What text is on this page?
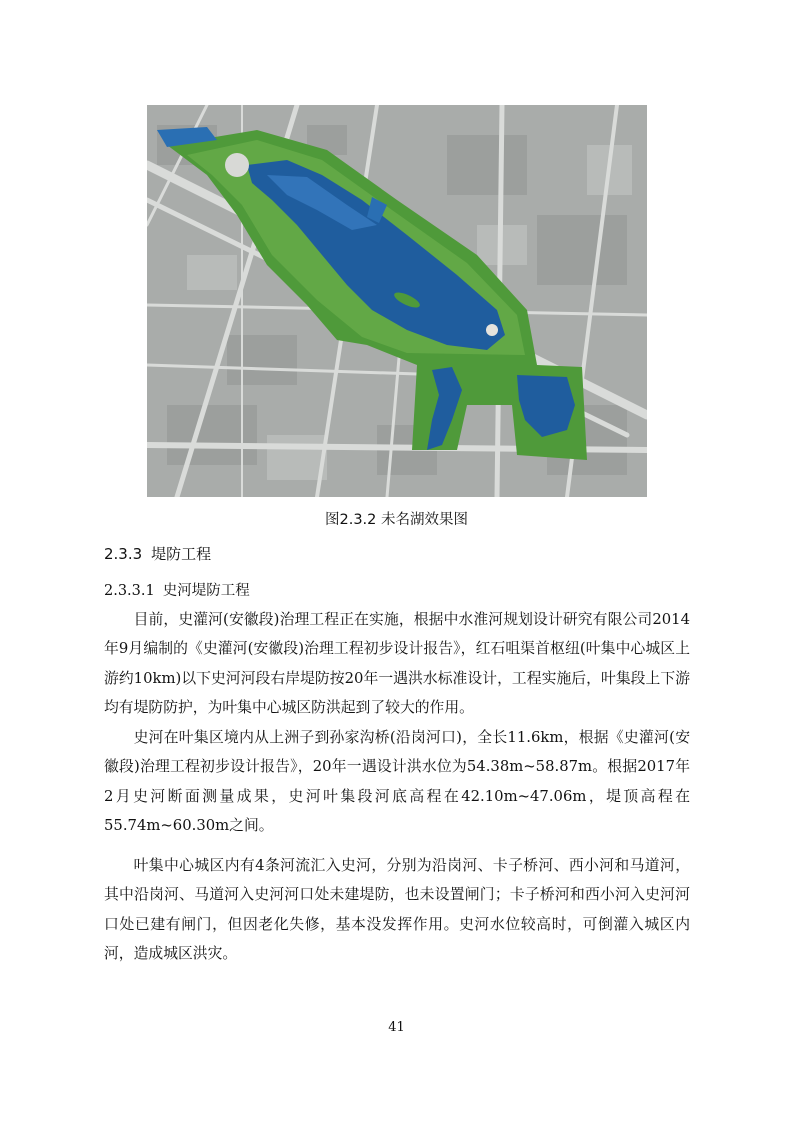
图2.3.2 未名湖效果图
2.3.3 堤防工程
2.3.3.1 史河堤防工程

目前，史灌河(安徽段)治理工程正在实施，根据中水淮河规划设计研究有限公司2014年9月编制的《史灌河(安徽段)治理工程初步设计报告》，红石咀渠首枢纽(叶集中心城区上游约10km)以下史河河段右岸堤防按20年一遇洪水标准设计，工程实施后，叶集段上下游均有堤防防护，为叶集中心城区防洪起到了较大的作用。

史河在叶集区境内从上洲子到孙家沟桥(沿岗河口)，全长11.6km，根据《史灌河(安徽段)治理工程初步设计报告》，20年一遇设计洪水位为54.38m~58.87m。根据2017年2月史河断面测量成果，史河叶集段河底高程在42.10m~47.06m，堤顶高程在55.74m~60.30m之间。

叶集中心城区内有4条河流汇入史河，分别为沿岗河、卡子桥河、西小河和马道河，其中沿岗河、马道河入史河河口处未建堤防，也未设置闸门；卡子桥河和西小河入史河河口处已建有闸门，但因老化失修，基本没发挥作用。史河水位较高时，可倒灌入城区内河，造成城区洪灾。

41
